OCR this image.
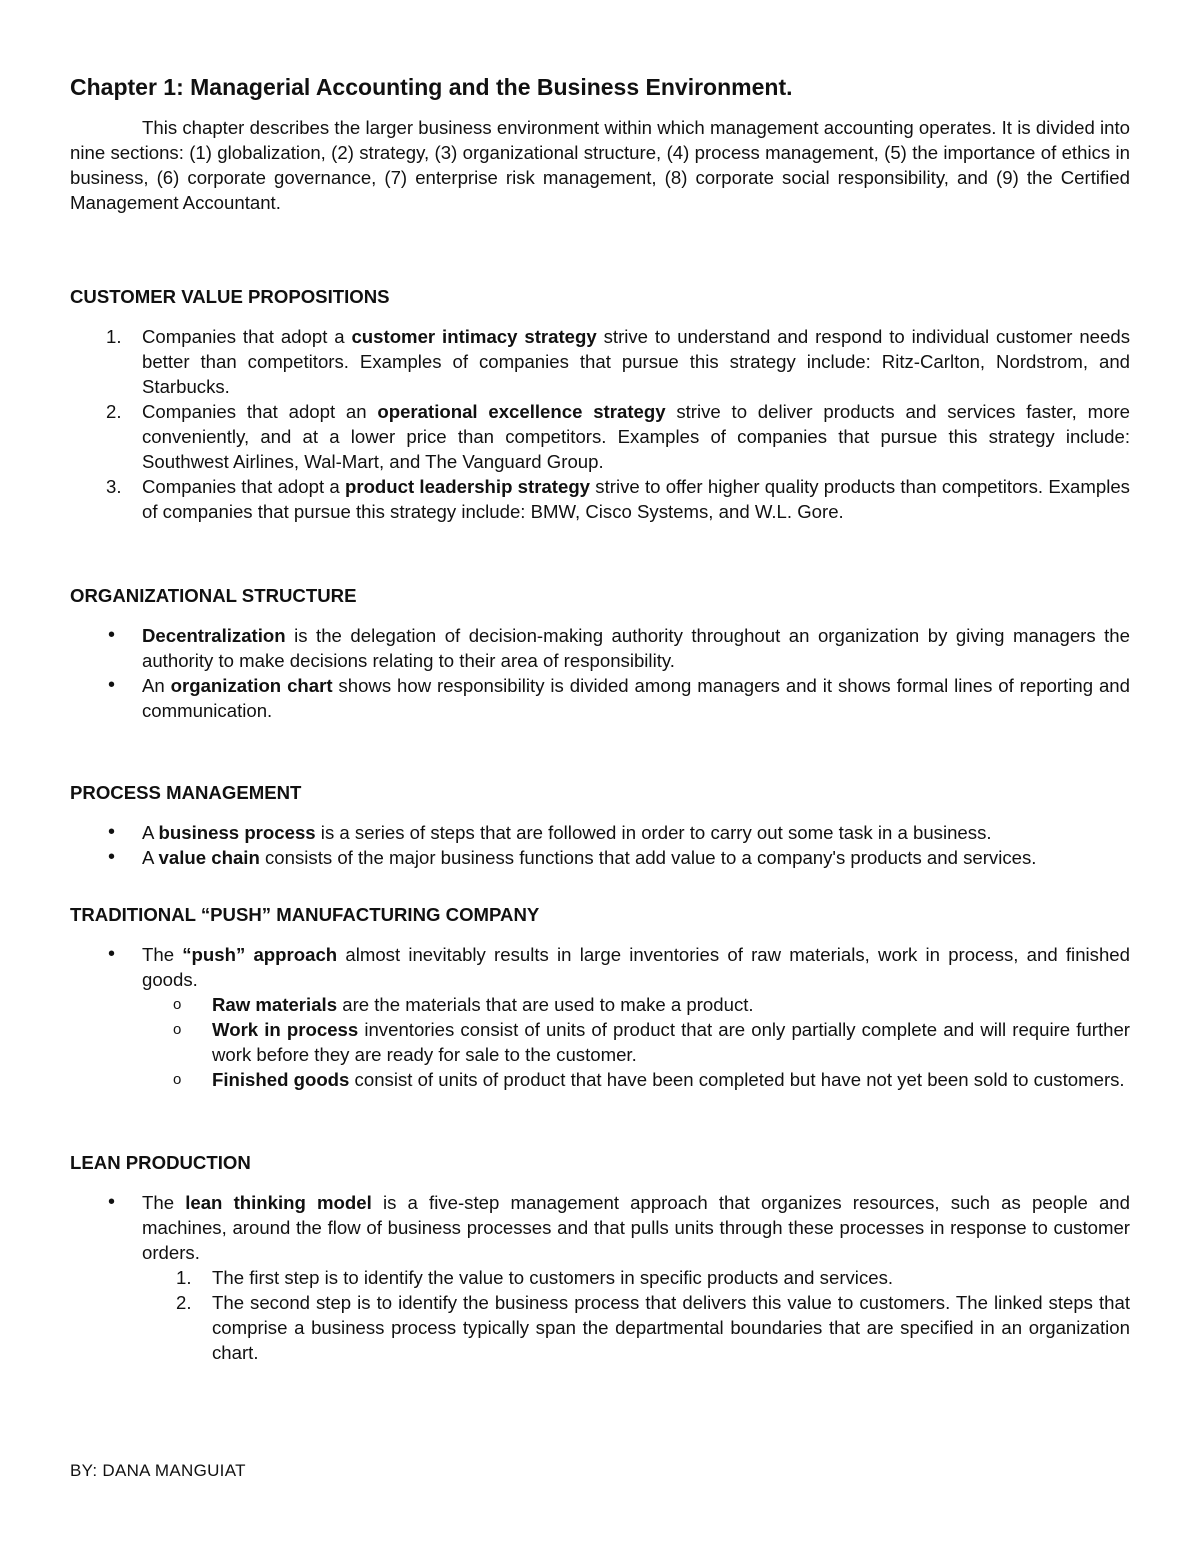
Chapter 1: Managerial Accounting and the Business Environment.

This chapter describes the larger business environment within which management accounting operates. It is divided into nine sections: (1) globalization, (2) strategy, (3) organizational structure, (4) process management, (5) the importance of ethics in business, (6) corporate governance, (7) enterprise risk management, (8) corporate social responsibility, and (9) the Certified Management Accountant.

CUSTOMER VALUE PROPOSITIONS
1. Companies that adopt a customer intimacy strategy strive to understand and respond to individual customer needs better than competitors. Examples of companies that pursue this strategy include: Ritz-Carlton, Nordstrom, and Starbucks.
2. Companies that adopt an operational excellence strategy strive to deliver products and services faster, more conveniently, and at a lower price than competitors. Examples of companies that pursue this strategy include: Southwest Airlines, Wal-Mart, and The Vanguard Group.
3. Companies that adopt a product leadership strategy strive to offer higher quality products than competitors. Examples of companies that pursue this strategy include: BMW, Cisco Systems, and W.L. Gore.
ORGANIZATIONAL STRUCTURE
• Decentralization is the delegation of decision-making authority throughout an organization by giving managers the authority to make decisions relating to their area of responsibility.
• An organization chart shows how responsibility is divided among managers and it shows formal lines of reporting and communication.
PROCESS MANAGEMENT
• A business process is a series of steps that are followed in order to carry out some task in a business.
• A value chain consists of the major business functions that add value to a company's products and services.
TRADITIONAL “PUSH” MANUFACTURING COMPANY
• The “push” approach almost inevitably results in large inventories of raw materials, work in process, and finished goods.
o Raw materials are the materials that are used to make a product.
o Work in process inventories consist of units of product that are only partially complete and will require further work before they are ready for sale to the customer.
o Finished goods consist of units of product that have been completed but have not yet been sold to customers.
LEAN PRODUCTION
• The lean thinking model is a five-step management approach that organizes resources, such as people and machines, around the flow of business processes and that pulls units through these processes in response to customer orders.
1. The first step is to identify the value to customers in specific products and services.
2. The second step is to identify the business process that delivers this value to customers. The linked steps that comprise a business process typically span the departmental boundaries that are specified in an organization chart.
BY: DANA MANGUIAT
